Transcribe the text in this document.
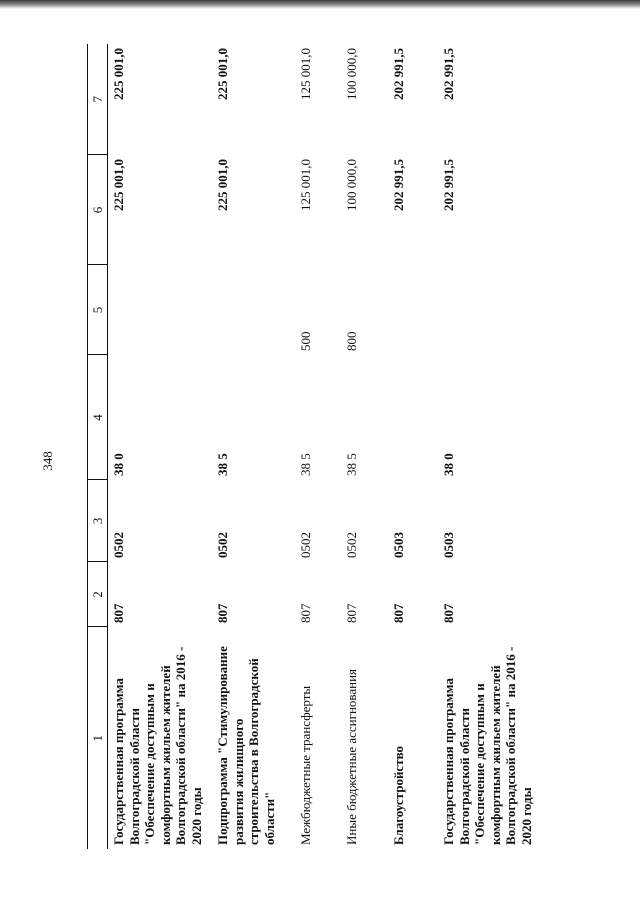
348
1	2	3	4	5	6	7
Государственная программа Волгоградской области "Обеспечение доступным и комфортным жильем жителей Волгоградской области" на 2016 - 2020 годы	807	0502	38 0		225 001,0	225 001,0
Подпрограмма "Стимулирование развития жилищного строительства в Волгоградской области"	807	0502	38 5		225 001,0	225 001,0
Межбюджетные трансферты	807	0502	38 5	500	125 001,0	125 001,0
Иные бюджетные ассигнования	807	0502	38 5	800	100 000,0	100 000,0
Благоустройство	807	0503			202 991,5	202 991,5
Государственная программа Волгоградской области "Обеспечение доступным и комфортным жильем жителей Волгоградской области" на 2016 - 2020 годы	807	0503	38 0		202 991,5	202 991,5
